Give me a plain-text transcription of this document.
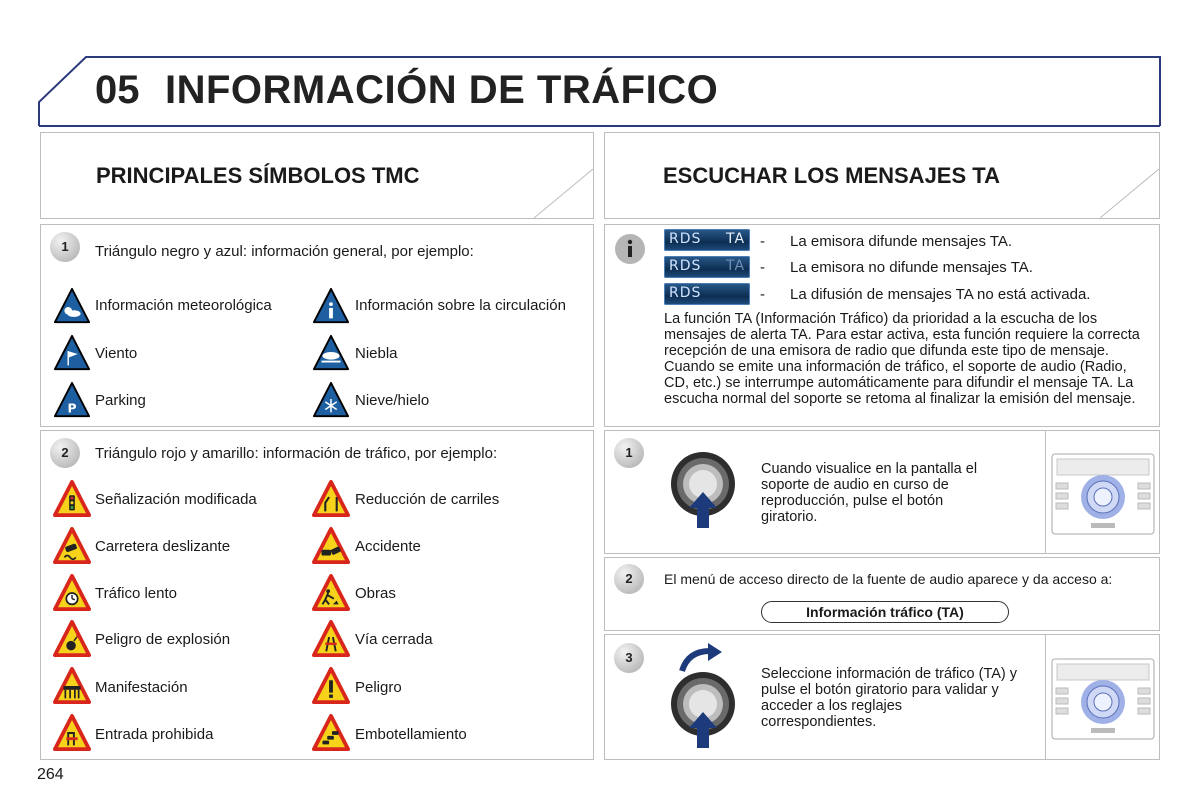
05 INFORMACIÓN DE TRÁFICO
PRINCIPALES SÍMBOLOS TMC	ESCUCHAR LOS MENSAJES TA
1	Triángulo negro y azul: información general, por ejemplo:
2	Triángulo rojo y amarillo: información de tráfico, por ejemplo:
Información meteorológica	Información sobre la circulación
Viento	Niebla
P Parking	Nieve/hielo
Señalización modificada	Reducción de carriles
Carretera deslizante	Accidente
Tráfico lento	Obras
Peligro de explosión	Vía cerrada
Manifestación	Peligro
Entrada prohibida	Embotellamiento
RDS TA - La emisora difunde mensajes TA.
RDS TA - La emisora no difunde mensajes TA.
RDS	- La difusión de mensajes TA no está activada.
La función TA (Información Tráfico) da prioridad a la escucha de los mensajes de alerta TA. Para estar activa, esta función requiere la correcta recepción de una emisora de radio que difunda este tipo de mensaje. Cuando se emite una información de tráfico, el soporte de audio (Radio, CD, etc.) se interrumpe automáticamente para difundir el mensaje TA. La escucha normal del soporte se retoma al finalizar la emisión del mensaje.
1
Cuando visualice en la pantalla el soporte de audio en curso de reproducción, pulse el botón giratorio.
2	El menú de acceso directo de la fuente de audio aparece y da acceso a:
Información tráfico (TA)
3
Seleccione información de tráfico (TA) y pulse el botón giratorio para validar y acceder a los reglajes correspondientes.
264
